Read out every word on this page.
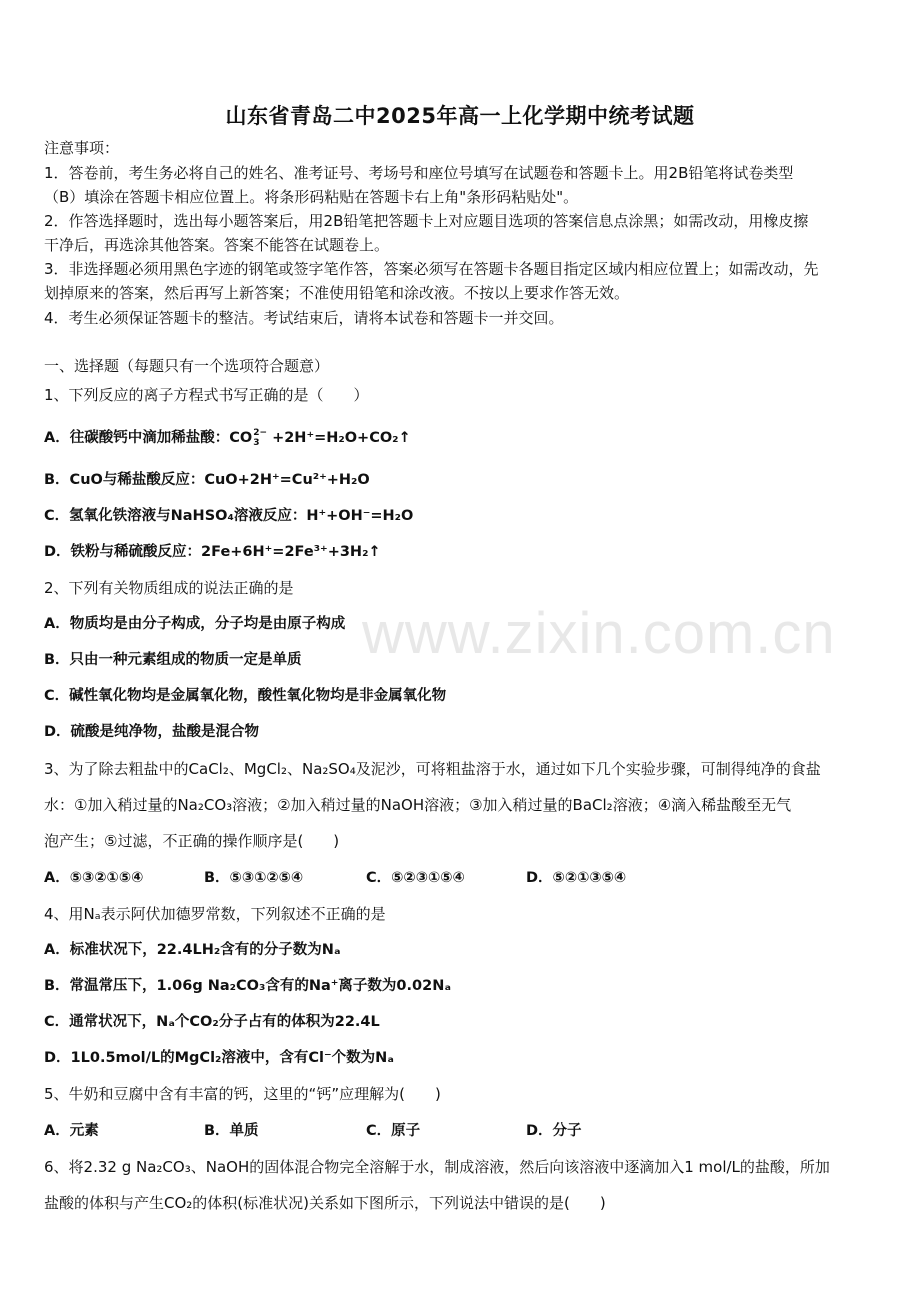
山东省青岛二中2025年高一上化学期中统考试题
注意事项：
1．答卷前，考生务必将自己的姓名、准考证号、考场号和座位号填写在试题卷和答题卡上。用2B铅笔将试卷类型
（B）填涂在答题卡相应位置上。将条形码粘贴在答题卡右上角"条形码粘贴处"。
2．作答选择题时，选出每小题答案后，用2B铅笔把答题卡上对应题目选项的答案信息点涂黑；如需改动，用橡皮擦
干净后，再选涂其他答案。答案不能答在试题卷上。
3．非选择题必须用黑色字迹的钢笔或签字笔作答，答案必须写在答题卡各题目指定区域内相应位置上；如需改动，先
划掉原来的答案，然后再写上新答案；不准使用铅笔和涂改液。不按以上要求作答无效。
4．考生必须保证答题卡的整洁。考试结束后，请将本试卷和答题卡一并交回。
一、选择题（每题只有一个选项符合题意）
1、下列反应的离子方程式书写正确的是（　　）
A．往碳酸钙中滴加稀盐酸：CO 2−
3 +2H⁺=H₂O+CO₂↑
B．CuO与稀盐酸反应：CuO+2H⁺=Cu²⁺+H₂O
C．氢氧化铁溶液与NaHSO₄溶液反应：H⁺+OH⁻=H₂O
D．铁粉与稀硫酸反应：2Fe+6H⁺=2Fe³⁺+3H₂↑
2、下列有关物质组成的说法正确的是
A．物质均是由分子构成，分子均是由原子构成
B．只由一种元素组成的物质一定是单质
C．碱性氧化物均是金属氧化物，酸性氧化物均是非金属氧化物
D．硫酸是纯净物，盐酸是混合物
3、为了除去粗盐中的CaCl₂、MgCl₂、Na₂SO₄及泥沙，可将粗盐溶于水，通过如下几个实验步骤，可制得纯净的食盐
水：①加入稍过量的Na₂CO₃溶液；②加入稍过量的NaOH溶液；③加入稍过量的BaCl₂溶液；④滴入稀盐酸至无气
泡产生；⑤过滤，不正确的操作顺序是(　　)
A．⑤③②①⑤④	B．⑤③①②⑤④	C．⑤②③①⑤④	D．⑤②①③⑤④
4、用Nₐ表示阿伏加德罗常数，下列叙述不正确的是
A．标准状况下，22.4LH₂含有的分子数为Nₐ
B．常温常压下，1.06g Na₂CO₃含有的Na⁺离子数为0.02Nₐ
C．通常状况下，Nₐ个CO₂分子占有的体积为22.4L
D．1L0.5mol/L的MgCl₂溶液中，含有Cl⁻个数为Nₐ
5、牛奶和豆腐中含有丰富的钙，这里的“钙”应理解为(　　)
A．元素	B．单质	C．原子	D．分子
6、将2.32 g Na₂CO₃、NaOH的固体混合物完全溶解于水，制成溶液，然后向该溶液中逐滴加入1 mol/L的盐酸，所加
盐酸的体积与产生CO₂的体积(标准状况)关系如下图所示，下列说法中错误的是(　　)
www.zixin.com.cn
